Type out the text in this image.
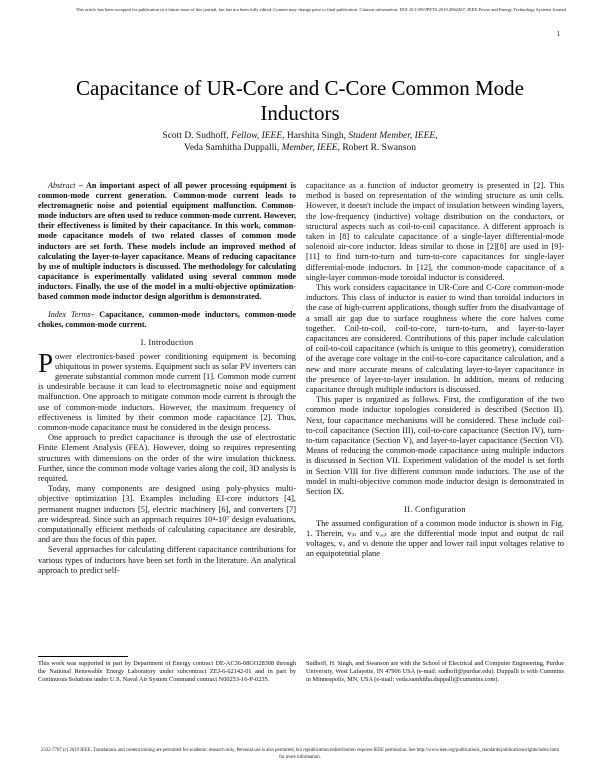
This article has been accepted for publication in a future issue of this journal, but has not been fully edited. Content may change prior to final publication. Citation information: DOI 10.1109/JPETS.2019.2962467, IEEE Power and Energy Technology Systems Journal
1
Capacitance of UR-Core and C-Core Common Mode Inductors
Scott D. Sudhoff, Fellow, IEEE, Harshita Singh, Student Member, IEEE,
Veda Samhitha Duppalli, Member, IEEE, Robert R. Swanson

Abstract – An important aspect of all power processing equipment is common-mode current generation. Common-mode current leads to electromagnetic noise and potential equipment malfunction. Common-mode inductors are often used to reduce common-mode current. However, their effectiveness is limited by their capacitance. In this work, common-mode capacitance models of two related classes of common mode inductors are set forth. These models include an improved method of calculating the layer-to-layer capacitance. Means of reducing capacitance by use of multiple inductors is discussed. The methodology for calculating capacitance is experimentally validated using several common mode inductors. Finally, the use of the model in a multi-objective optimization-based common mode inductor design algorithm is demonstrated.

Index Terms– Capacitance, common-mode inductors, common-mode chokes, common-mode current.

I. Introduction

Power electronics-based power conditioning equipment is becoming ubiquitous in power systems. Equipment such as solar PV inverters can generate substantial common mode current [1]. Common mode current is undesirable because it can lead to electromagnetic noise and equipment malfunction. One approach to mitigate common mode current is through the use of common-mode inductors. However, the maximum frequency of effectiveness is limited by their common mode capacitance [2]. Thus, common-mode capacitance must be considered in the design process.

One approach to predict capacitance is through the use of electrostatic Finite Element Analysis (FEA). However, doing so requires representing structures with dimensions on the order of the wire insulation thickness. Further, since the common mode voltage varies along the coil, 3D analysis is required.

Today, many components are designed using poly-physics multi-objective optimization [3]. Examples including EI-core inductors [4], permanent magnet inductors [5], electric machinery [6], and converters [7] are widespread. Since such an approach requires 10⁴-10⁷ design evaluations, computationally efficient methods of calculating capacitance are desirable, and are thus the focus of this paper.

Several approaches for calculating different capacitance contributions for various types of inductors have been set forth in the literature. An analytical approach to predict self-

capacitance as a function of inductor geometry is presented in [2]. This method is based on representation of the winding structure as unit cells. However, it doesn't include the impact of insulation between winding layers, the low-frequency (inductive) voltage distribution on the conductors, or structural aspects such as coil-to-coil capacitance. A different approach is taken in [8] to calculate capacitance of a single-layer differential-mode solenoid air-core inductor. Ideas similar to those in [2][8] are used in [9]-[11] to find turn-to-turn and turn-to-core capacitances for single-layer differential-mode inductors. In [12], the common-mode capacitance of a single-layer common-mode toroidal inductor is considered.

This work considers capacitance in UR-Core and C-Core common-mode inductors. This class of inductor is easier to wind than toroidal inductors in the case of high-current applications, though suffer from the disadvantage of a small air gap due to surface roughness where the core halves come together. Coil-to-coil, coil-to-core, turn-to-turn, and layer-to-layer capacitances are considered. Contributions of this paper include calculation of coil-to-coil capacitance (which is unique to this geometry), consideration of the average core voltage in the coil-to-core capacitance calculation, and a new and more accurate means of calculating layer-to-layer capacitance in the presence of layer-to-layer insulation. In addition, means of reducing capacitance through multiple inductors is discussed.

This paper is organized as follows. First, the configuration of the two common mode inductor topologies considered is described (Section II). Next, four capacitance mechanisms will be considered. These include coil-to-coil capacitance (Section III), coil-to-core capacitance (Section IV), turn-to-turn capacitance (Section V), and layer-to-layer capacitance (Section VI). Means of reducing the common-mode capacitance using multiple inductors is discussed in Section VII. Experiment validation of the model is set forth in Section VIII for five different common mode inductors. The use of the model in multi-objective common mode inductor design is demonstrated in Section IX.

II. Configuration

The assumed configuration of a common mode inductor is shown in Fig. 1. Therein, vᵢₙ and vₒᵤₜ are the differential mode input and output dc rail voltages, vᵤ and vₗ denote the upper and lower rail input voltages relative to an equipotential plane

This work was supported in part by Department of Energy contract DE-AC36-08GO28308 through the National Renewable Energy Laboratory under subcontract ZEJ-6-62142-01 and in part by Continuous Solutions under U.S. Naval Air System Command contract N00253-16-P-0235.
Sudhoff, H. Singh, and Swanson are with the School of Electrical and Computer Engineering, Purdue University, West Lafayette, IN 47906 USA (e-mail: sudhoff@purdue.edu). Duppalli is with Cummins in Minneapolis, MN, USA (e-mail: veda.samhitha.duppalli@cummins.com).
2332-7707 (c) 2019 IEEE. Translations and content mining are permitted for academic research only. Personal use is also permitted, but republication/redistribution requires IEEE permission. See http://www.ieee.org/publications_standards/publications/rights/index.html for more information.
